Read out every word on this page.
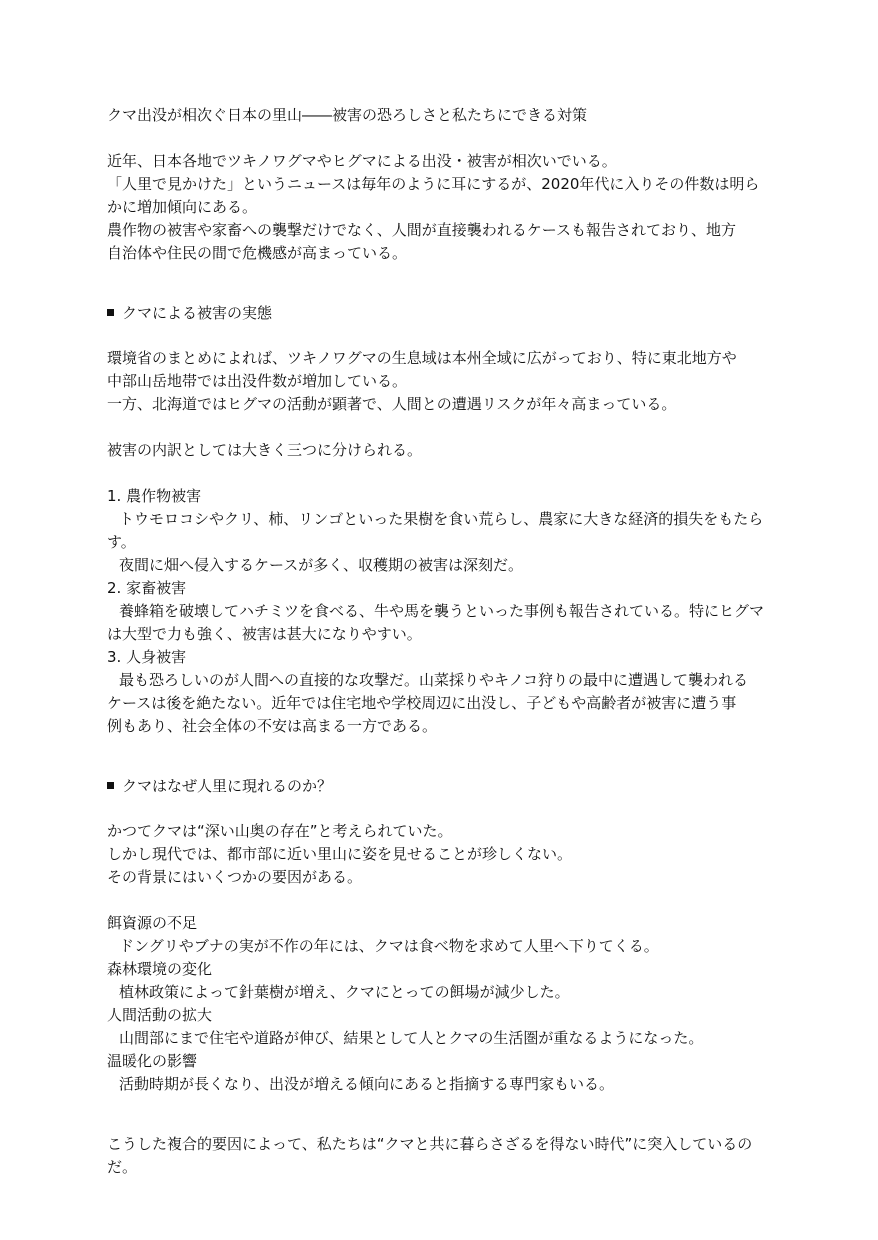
クマ出没が相次ぐ日本の里山――被害の恐ろしさと私たちにできる対策
近年、日本各地でツキノワグマやヒグマによる出没・被害が相次いでいる。
「人里で見かけた」というニュースは毎年のように耳にするが、2020年代に入りその件数は明ら
かに増加傾向にある。
農作物の被害や家畜への襲撃だけでなく、人間が直接襲われるケースも報告されており、地方
自治体や住民の間で危機感が高まっている。
クマによる被害の実態
環境省のまとめによれば、ツキノワグマの生息域は本州全域に広がっており、特に東北地方や
中部山岳地帯では出没件数が増加している。
一方、北海道ではヒグマの活動が顕著で、人間との遭遇リスクが年々高まっている。
被害の内訳としては大きく三つに分けられる。
1. 農作物被害
トウモロコシやクリ、柿、リンゴといった果樹を食い荒らし、農家に大きな経済的損失をもたら
す。
夜間に畑へ侵入するケースが多く、収穫期の被害は深刻だ。
2. 家畜被害
養蜂箱を破壊してハチミツを食べる、牛や馬を襲うといった事例も報告されている。特にヒグマ
は大型で力も強く、被害は甚大になりやすい。
3. 人身被害
最も恐ろしいのが人間への直接的な攻撃だ。山菜採りやキノコ狩りの最中に遭遇して襲われる
ケースは後を絶たない。近年では住宅地や学校周辺に出没し、子どもや高齢者が被害に遭う事
例もあり、社会全体の不安は高まる一方である。
クマはなぜ人里に現れるのか？
かつてクマは“深い山奥の存在”と考えられていた。
しかし現代では、都市部に近い里山に姿を見せることが珍しくない。
その背景にはいくつかの要因がある。
餌資源の不足
ドングリやブナの実が不作の年には、クマは食べ物を求めて人里へ下りてくる。
森林環境の変化
植林政策によって針葉樹が増え、クマにとっての餌場が減少した。
人間活動の拡大
山間部にまで住宅や道路が伸び、結果として人とクマの生活圏が重なるようになった。
温暖化の影響
活動時期が長くなり、出没が増える傾向にあると指摘する専門家もいる。
こうした複合的要因によって、私たちは“クマと共に暮らさざるを得ない時代”に突入しているの
だ。
